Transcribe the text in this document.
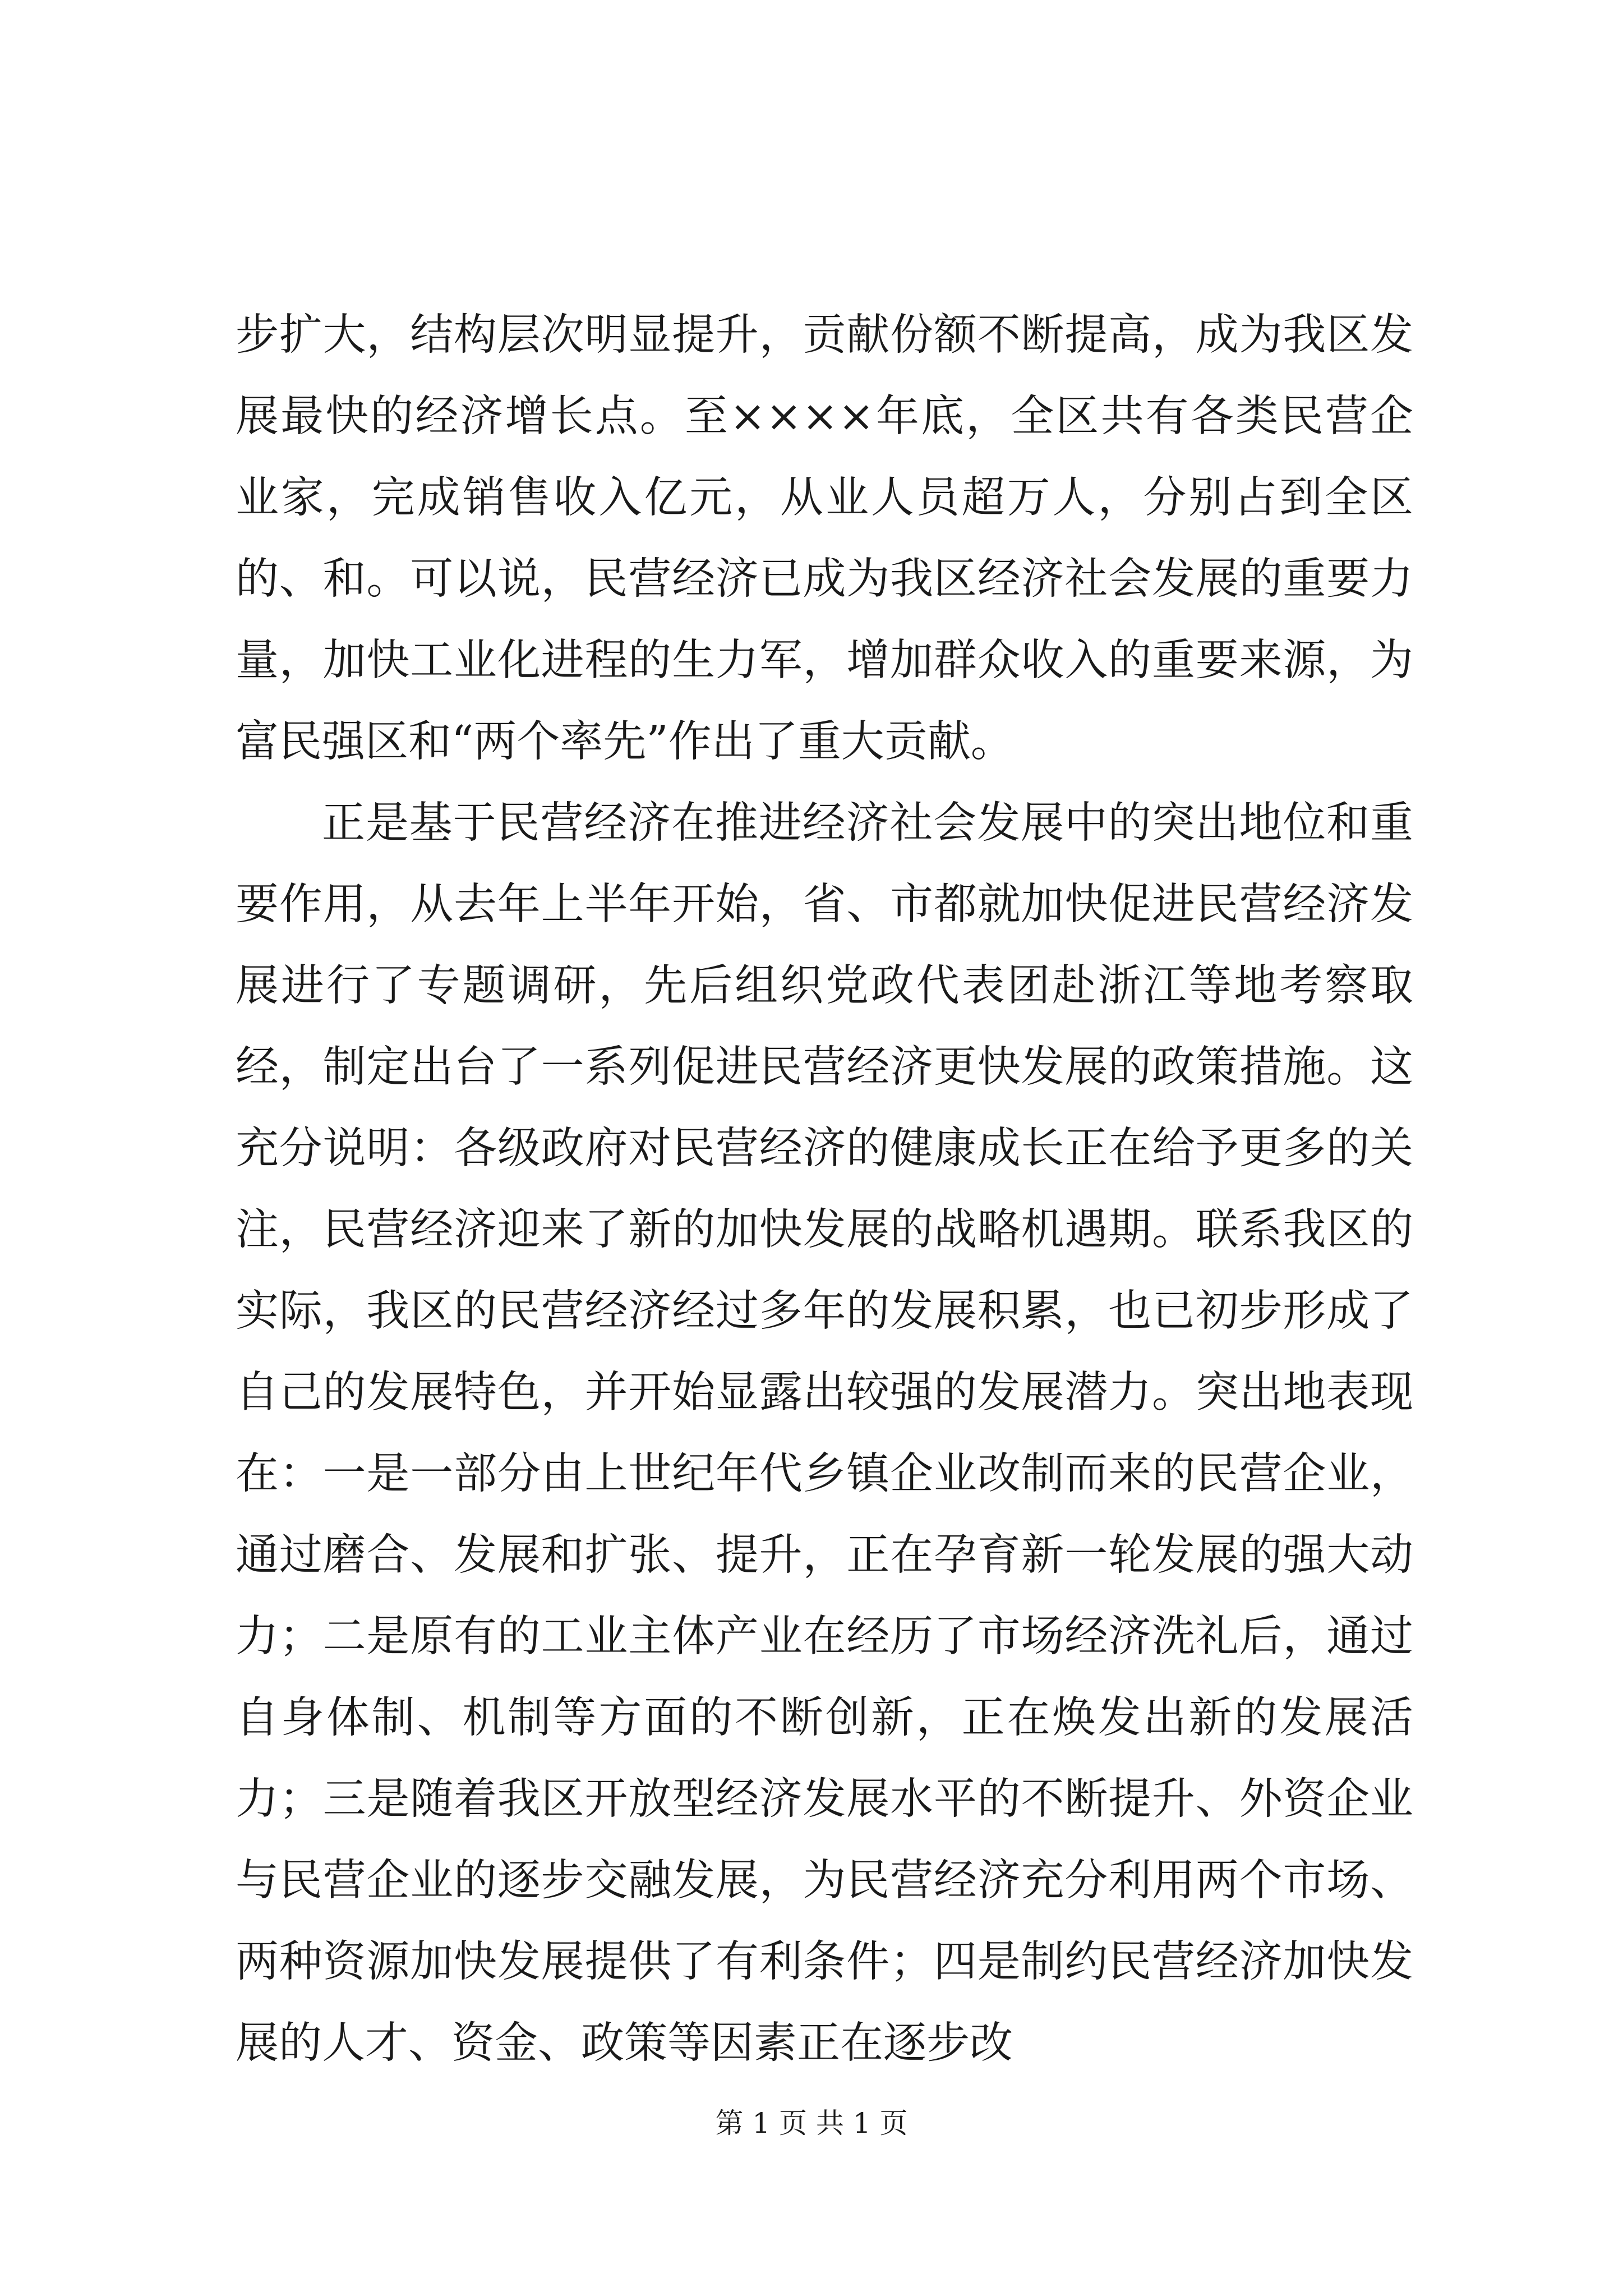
步扩大，结构层次明显提升，贡献份额不断提高，成为我区发展最快的经济增长点。至××××年底，全区共有各类民营企业家，完成销售收入亿元，从业人员超万人，分别占到全区的、和。可以说，民营经济已成为我区经济社会发展的重要力量，加快工业化进程的生力军，增加群众收入的重要来源，为富民强区和“两个率先”作出了重大贡献。

正是基于民营经济在推进经济社会发展中的突出地位和重要作用，从去年上半年开始，省、市都就加快促进民营经济发展进行了专题调研，先后组织党政代表团赴浙江等地考察取经，制定出台了一系列促进民营经济更快发展的政策措施。这充分说明：各级政府对民营经济的健康成长正在给予更多的关注，民营经济迎来了新的加快发展的战略机遇期。联系我区的实际，我区的民营经济经过多年的发展积累，也已初步形成了自己的发展特色，并开始显露出较强的发展潜力。突出地表现在：一是一部分由上世纪年代乡镇企业改制而来的民营企业，通过磨合、发展和扩张、提升，正在孕育新一轮发展的强大动力；二是原有的工业主体产业在经历了市场经济洗礼后，通过自身体制、机制等方面的不断创新，正在焕发出新的发展活力；三是随着我区开放型经济发展水平的不断提升、外资企业与民营企业的逐步交融发展，为民营经济充分利用两个市场、两种资源加快发展提供了有利条件；四是制约民营经济加快发展的人才、资金、政策等因素正在逐步改

第 1 页 共 1 页
